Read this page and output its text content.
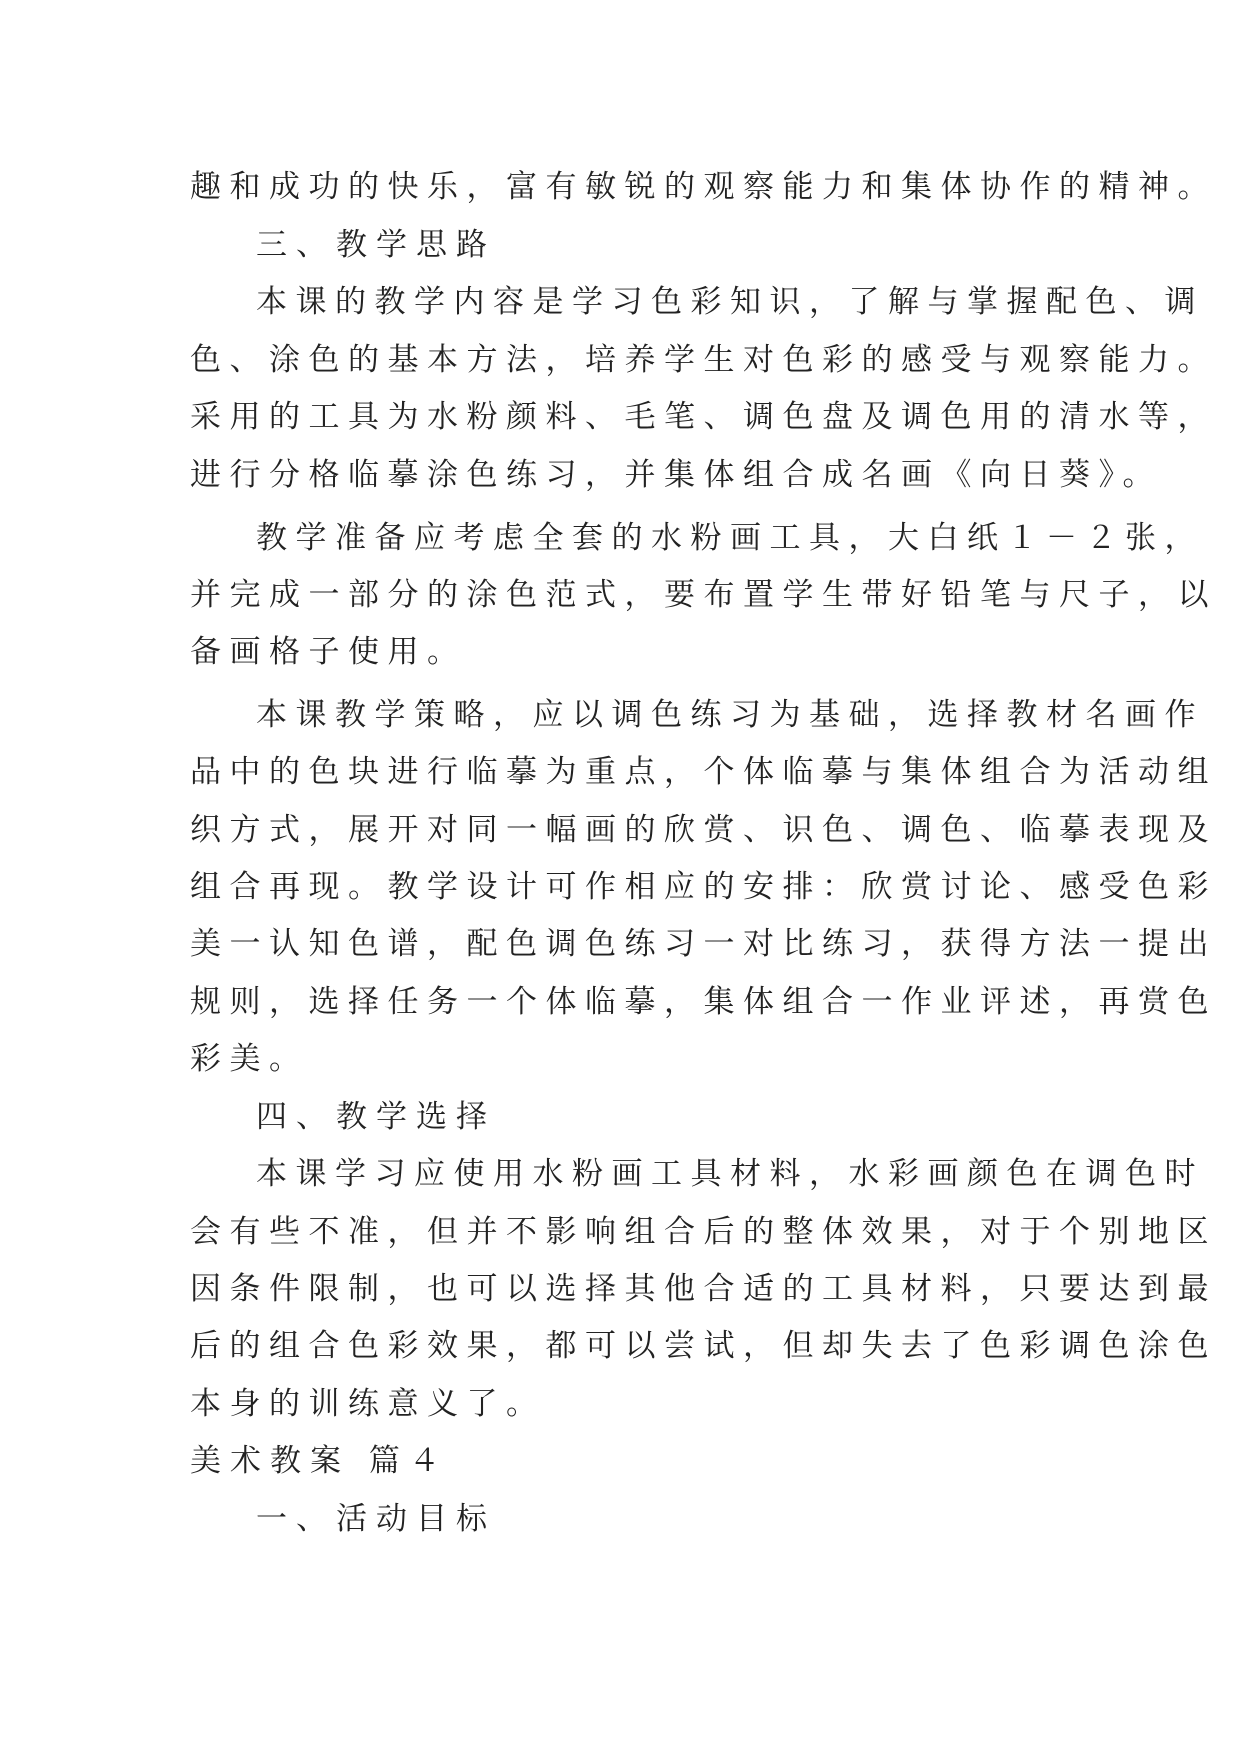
趣和成功的快乐，富有敏锐的观察能力和集体协作的精神。
三、教学思路
本课的教学内容是学习色彩知识，了解与掌握配色、调
色、涂色的基本方法，培养学生对色彩的感受与观察能力。
采用的工具为水粉颜料、毛笔、调色盘及调色用的清水等，
进行分格临摹涂色练习，并集体组合成名画《向日葵》。
教学准备应考虑全套的水粉画工具，大白纸１－２张，
并完成一部分的涂色范式，要布置学生带好铅笔与尺子，以
备画格子使用。
本课教学策略，应以调色练习为基础，选择教材名画作
品中的色块进行临摹为重点，个体临摹与集体组合为活动组
织方式，展开对同一幅画的欣赏、识色、调色、临摹表现及
组合再现。教学设计可作相应的安排：欣赏讨论、感受色彩
美一认知色谱，配色调色练习一对比练习，获得方法一提出
规则，选择任务一个体临摹，集体组合一作业评述，再赏色
彩美。
四、教学选择
本课学习应使用水粉画工具材料，水彩画颜色在调色时
会有些不准，但并不影响组合后的整体效果，对于个别地区
因条件限制，也可以选择其他合适的工具材料，只要达到最
后的组合色彩效果，都可以尝试，但却失去了色彩调色涂色
本身的训练意义了。
美术教案 篇４
一、活动目标
